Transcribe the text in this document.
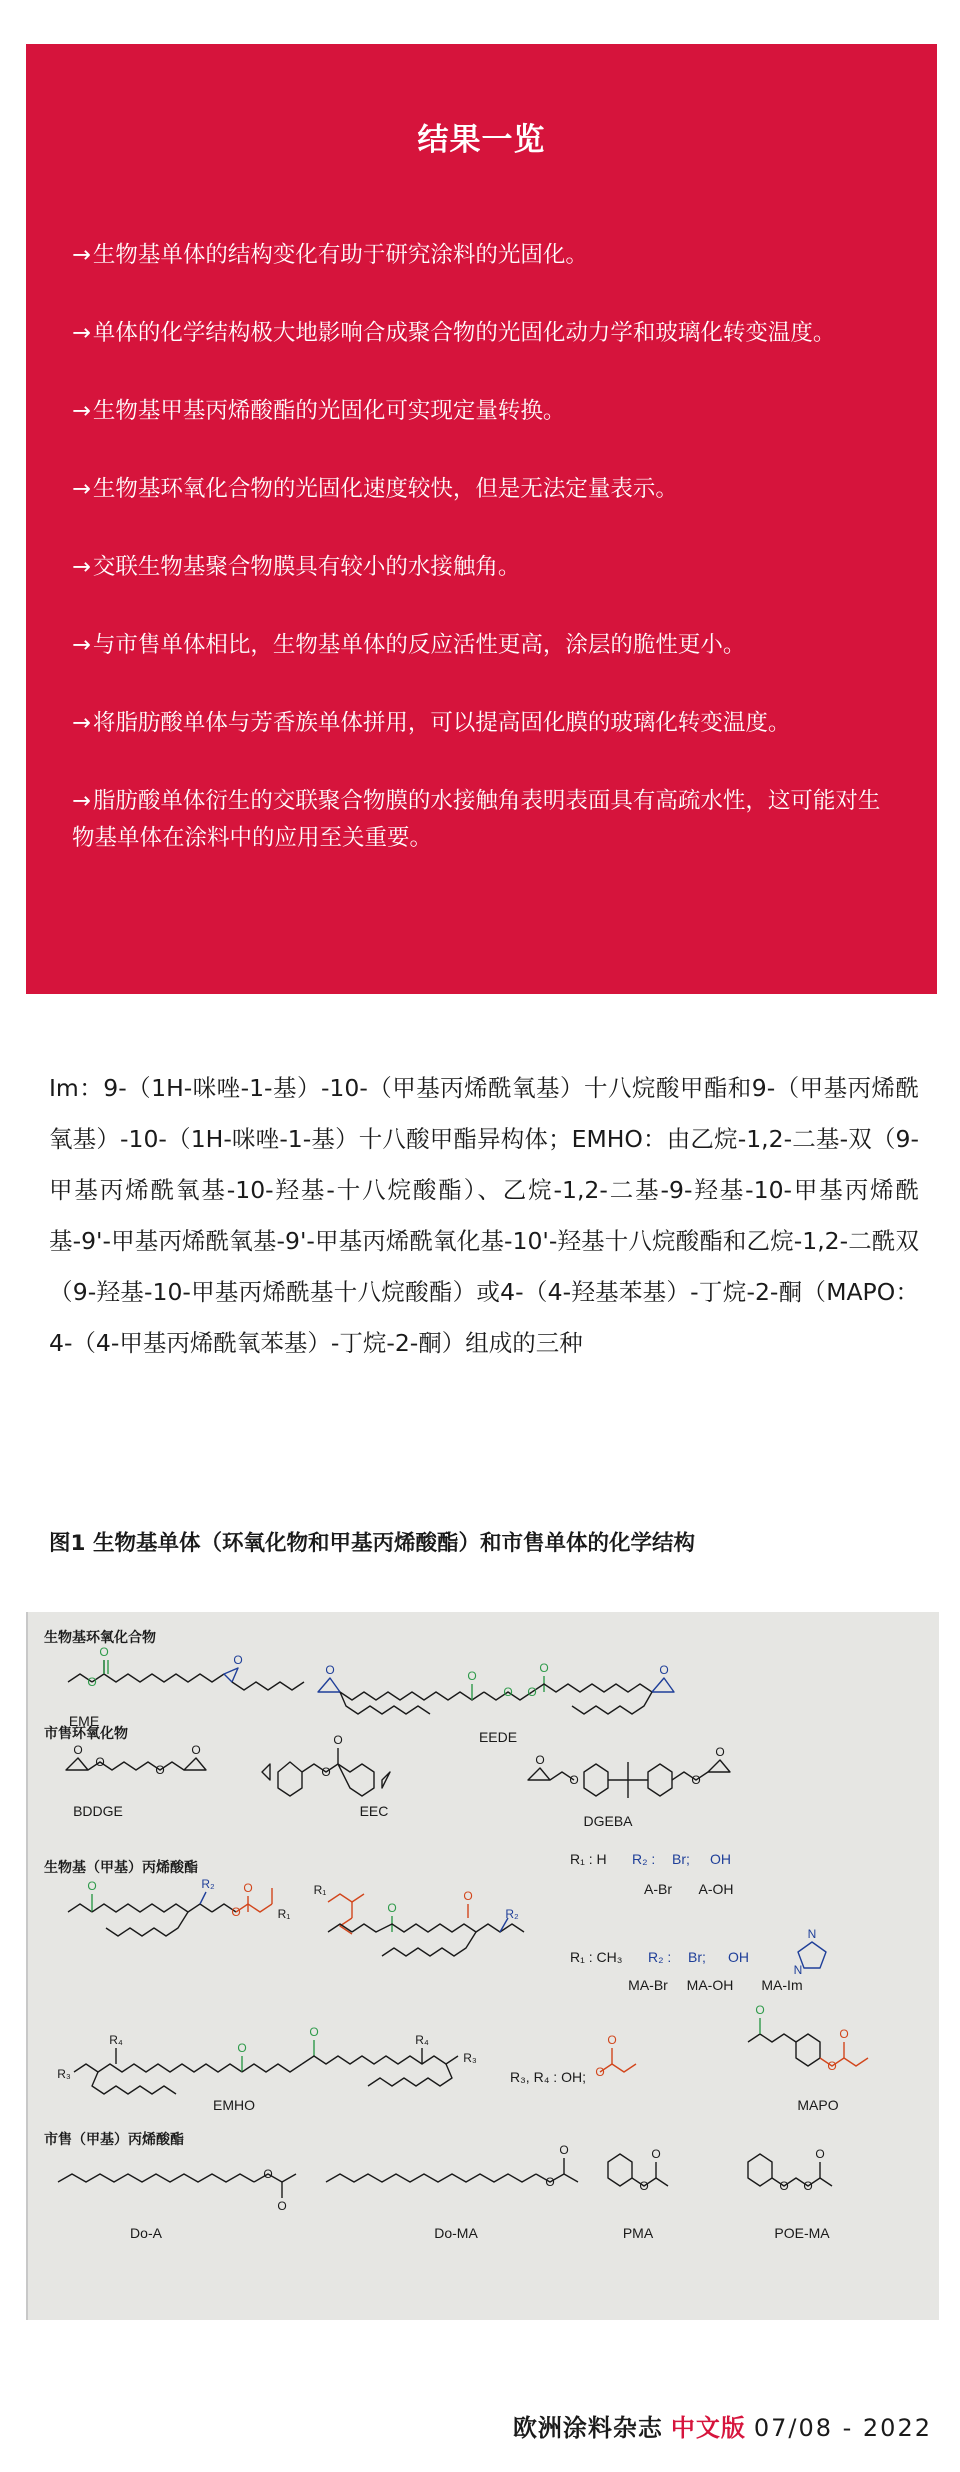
结果一览
→生物基单体的结构变化有助于研究涂料的光固化。
→单体的化学结构极大地影响合成聚合物的光固化动力学和玻璃化转变温度。
→生物基甲基丙烯酸酯的光固化可实现定量转换。
→生物基环氧化合物的光固化速度较快，但是无法定量表示。
→交联生物基聚合物膜具有较小的水接触角。
→与市售单体相比，生物基单体的反应活性更高，涂层的脆性更小。
→将脂肪酸单体与芳香族单体拼用，可以提高固化膜的玻璃化转变温度。
→脂肪酸单体衍生的交联聚合物膜的水接触角表明表面具有高疏水性，这可能对生物基单体在涂料中的应用至关重要。

Im：9-（1H-咪唑-1-基）-10-（甲基丙烯酰氧基）十八烷酸甲酯和9-（甲基丙烯酰氧基）-10-（1H-咪唑-1-基）十八酸甲酯异构体；EMHO：由乙烷-1,2-二基-双（9-甲基丙烯酰氧基-10-羟基-十八烷酸酯）、乙烷-1,2-二基-9-羟基-10-甲基丙烯酰基-9'-甲基丙烯酰氧基-9'-甲基丙烯酰氧化基-10'-羟基十八烷酸酯和乙烷-1,2-二酰双（9-羟基-10-甲基丙烯酰基十八烷酸酯）或4-（4-羟基苯基）-丁烷-2-酮（MAPO：4-（4-甲基丙烯酰氧苯基）-丁烷-2-酮）组成的三种

图1 生物基单体（环氧化物和甲基丙烯酸酯）和市售单体的化学结构

生物基环氧化合物
市售环氧化物
生物基（甲基）丙烯酸酯
市售（甲基）丙烯酸酯
EME
EEDE
BDDGE	EEC
DGEBA
EMHO	MAPO
Do-A	Do-MA	PMA	POE-MA
A-Br A-OH
MA-Br MA-OH MA-Im
R₁ : H R₂ : Br; OH
R₁ : CH₃ R₂ : Br; OH
R₃, R₄ : OH;
O
O
O
O	O
O O
O	O
O
O
O
O
O
O
O
O	O
O
O
O
O
R₂
R₁
R₁
O	R₂
O
N
N
R₄
R₃
R₄
R₃
O
O
O
O
O
O
O
O
O
O
O
O
O
O O
O
欧洲涂料杂志 中文版 07/08 - 2022
